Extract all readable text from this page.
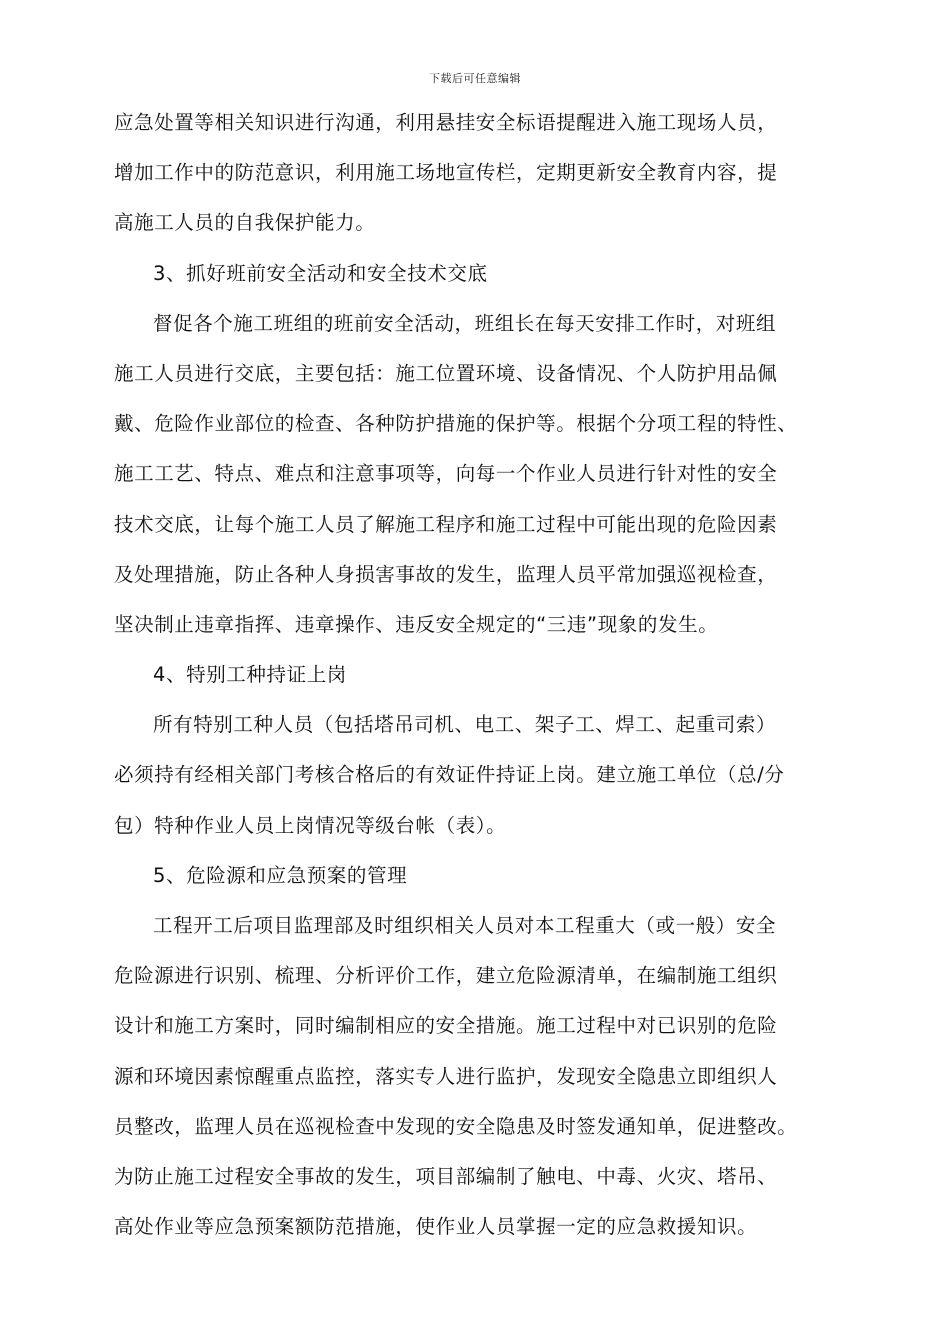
下载后可任意编辑
应急处置等相关知识进行沟通，利用悬挂安全标语提醒进入施工现场人员，
增加工作中的防范意识，利用施工场地宣传栏，定期更新安全教育内容，提
高施工人员的自我保护能力。
3、抓好班前安全活动和安全技术交底
督促各个施工班组的班前安全活动，班组长在每天安排工作时，对班组
施工人员进行交底，主要包括：施工位置环境、设备情况、个人防护用品佩
戴、危险作业部位的检查、各种防护措施的保护等。根据个分项工程的特性、
施工工艺、特点、难点和注意事项等，向每一个作业人员进行针对性的安全
技术交底，让每个施工人员了解施工程序和施工过程中可能出现的危险因素
及处理措施，防止各种人身损害事故的发生，监理人员平常加强巡视检查，
坚决制止违章指挥、违章操作、违反安全规定的“三违”现象的发生。
4、特别工种持证上岗
所有特别工种人员（包括塔吊司机、电工、架子工、焊工、起重司索）
必须持有经相关部门考核合格后的有效证件持证上岗。建立施工单位（总/分
包）特种作业人员上岗情况等级台帐（表）。
5、危险源和应急预案的管理
工程开工后项目监理部及时组织相关人员对本工程重大（或一般）安全
危险源进行识别、梳理、分析评价工作，建立危险源清单，在编制施工组织
设计和施工方案时，同时编制相应的安全措施。施工过程中对已识别的危险
源和环境因素惊醒重点监控，落实专人进行监护，发现安全隐患立即组织人
员整改，监理人员在巡视检查中发现的安全隐患及时签发通知单，促进整改。
为防止施工过程安全事故的发生，项目部编制了触电、中毒、火灾、塔吊、
高处作业等应急预案额防范措施，使作业人员掌握一定的应急救援知识。
